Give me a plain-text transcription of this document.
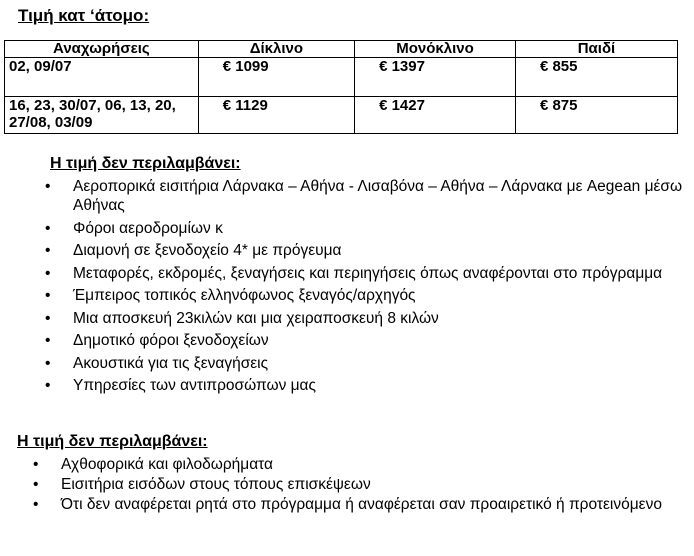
Τιμή κατ ‘άτομο:
Αναχωρήσεις	Δίκλινο	Μονόκλινο	Παιδί
02, 09/07	€ 1099	€ 1397	€ 855
16, 23, 30/07, 06, 13, 20, 27/08, 03/09	€ 1129	€ 1427	€ 875
Η τιμή δεν περιλαμβάνει:
• Αεροπορικά εισιτήρια Λάρνακα – Αθήνα - Λισαβόνα – Αθήνα – Λάρνακα με Aegean μέσω Αθήνας
• Φόροι αεροδρομίων κ
• Διαμονή σε ξενοδοχείο 4* με πρόγευμα
• Μεταφορές, εκδρομές, ξεναγήσεις και περιηγήσεις όπως αναφέρονται στο πρόγραμμα
• Έμπειρος τοπικός ελληνόφωνος ξεναγός/αρχηγός
• Μια αποσκευή 23κιλών και μια χειραποσκευή 8 κιλών
• Δημοτικό φόροι ξενοδοχείων
• Ακουστικά για τις ξεναγήσεις
• Υπηρεσίες των αντιπροσώπων μας
Η τιμή δεν περιλαμβάνει:
• Αχθοφορικά και φιλοδωρήματα
• Εισιτήρια εισόδων στους τόπους επισκέψεων
• Ότι δεν αναφέρεται ρητά στο πρόγραμμα ή αναφέρεται σαν προαιρετικό ή προτεινόμενο
